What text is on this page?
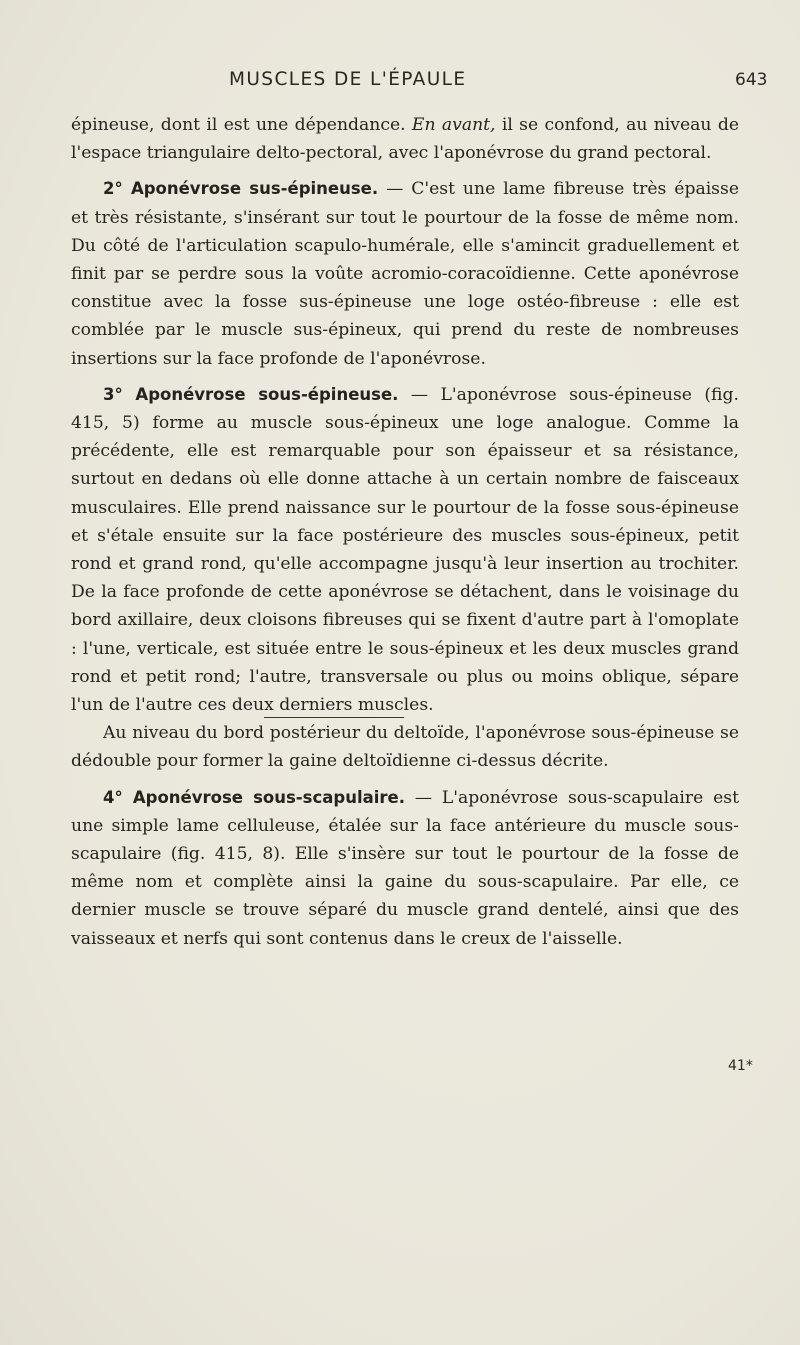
MUSCLES DE L'ÉPAULE	643

épineuse, dont il est une dépendance. En avant, il se confond, au niveau de l'espace triangulaire delto-pectoral, avec l'aponévrose du grand pectoral.

2° Aponévrose sus-épineuse. — C'est une lame fibreuse très épaisse et très résistante, s'insérant sur tout le pourtour de la fosse de même nom. Du côté de l'articulation scapulo-humérale, elle s'amincit graduellement et finit par se perdre sous la voûte acromio-coracoïdienne. Cette aponévrose constitue avec la fosse sus-épineuse une loge ostéo-fibreuse : elle est comblée par le muscle sus-épineux, qui prend du reste de nombreuses insertions sur la face profonde de l'aponévrose.

3° Aponévrose sous-épineuse. — L'aponévrose sous-épineuse (fig. 415, 5) forme au muscle sous-épineux une loge analogue. Comme la précédente, elle est remarquable pour son épaisseur et sa résistance, surtout en dedans où elle donne attache à un certain nombre de faisceaux musculaires. Elle prend naissance sur le pourtour de la fosse sous-épineuse et s'étale ensuite sur la face postérieure des muscles sous-épineux, petit rond et grand rond, qu'elle accompagne jusqu'à leur insertion au trochiter. De la face profonde de cette aponévrose se détachent, dans le voisinage du bord axillaire, deux cloisons fibreuses qui se fixent d'autre part à l'omoplate : l'une, verticale, est située entre le sous-épineux et les deux muscles grand rond et petit rond; l'autre, transversale ou plus ou moins oblique, sépare l'un de l'autre ces deux derniers muscles.

Au niveau du bord postérieur du deltoïde, l'aponévrose sous-épineuse se dédouble pour former la gaine deltoïdienne ci-dessus décrite.

4° Aponévrose sous-scapulaire. — L'aponévrose sous-scapulaire est une simple lame celluleuse, étalée sur la face antérieure du muscle sous-scapulaire (fig. 415, 8). Elle s'insère sur tout le pourtour de la fosse de même nom et complète ainsi la gaine du sous-scapulaire. Par elle, ce dernier muscle se trouve séparé du muscle grand dentelé, ainsi que des vaisseaux et nerfs qui sont contenus dans le creux de l'aisselle.

41*
